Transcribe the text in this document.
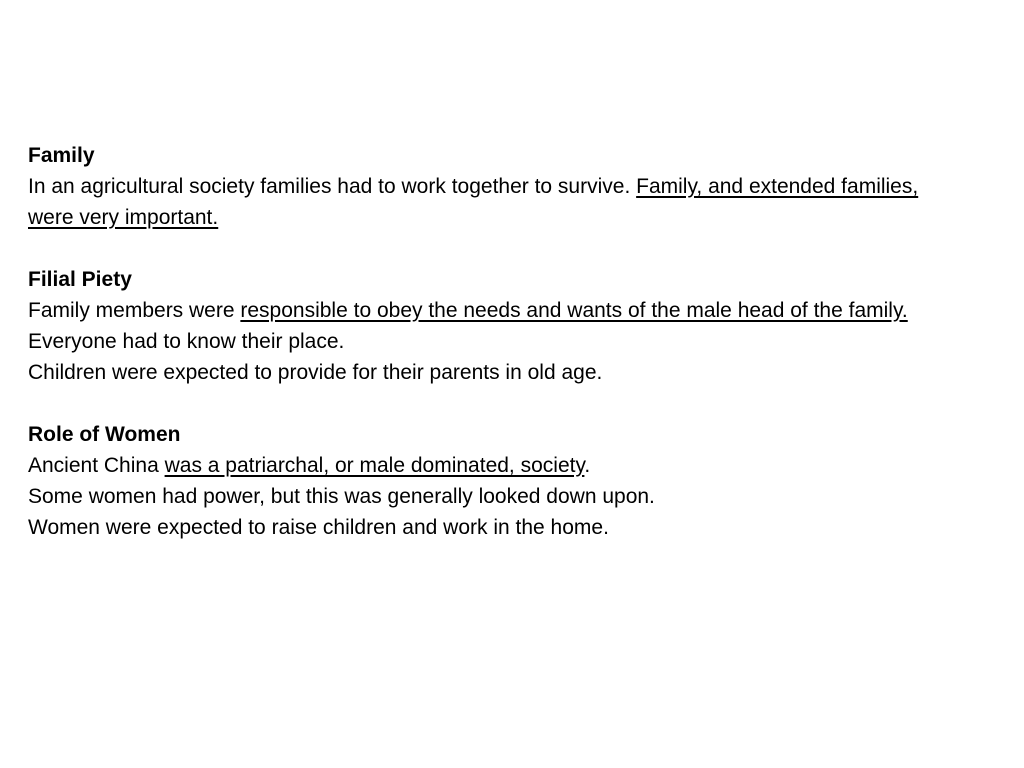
Family
In an agricultural society families had to work together to survive. Family, and extended families, were very important.
Filial Piety
Family members were responsible to obey the needs and wants of the male head of the family.
Everyone had to know their place.
Children were expected to provide for their parents in old age.
Role of Women
Ancient China was a patriarchal, or male dominated, society.
Some women had power, but this was generally looked down upon.
Women were expected to raise children and work in the home.
